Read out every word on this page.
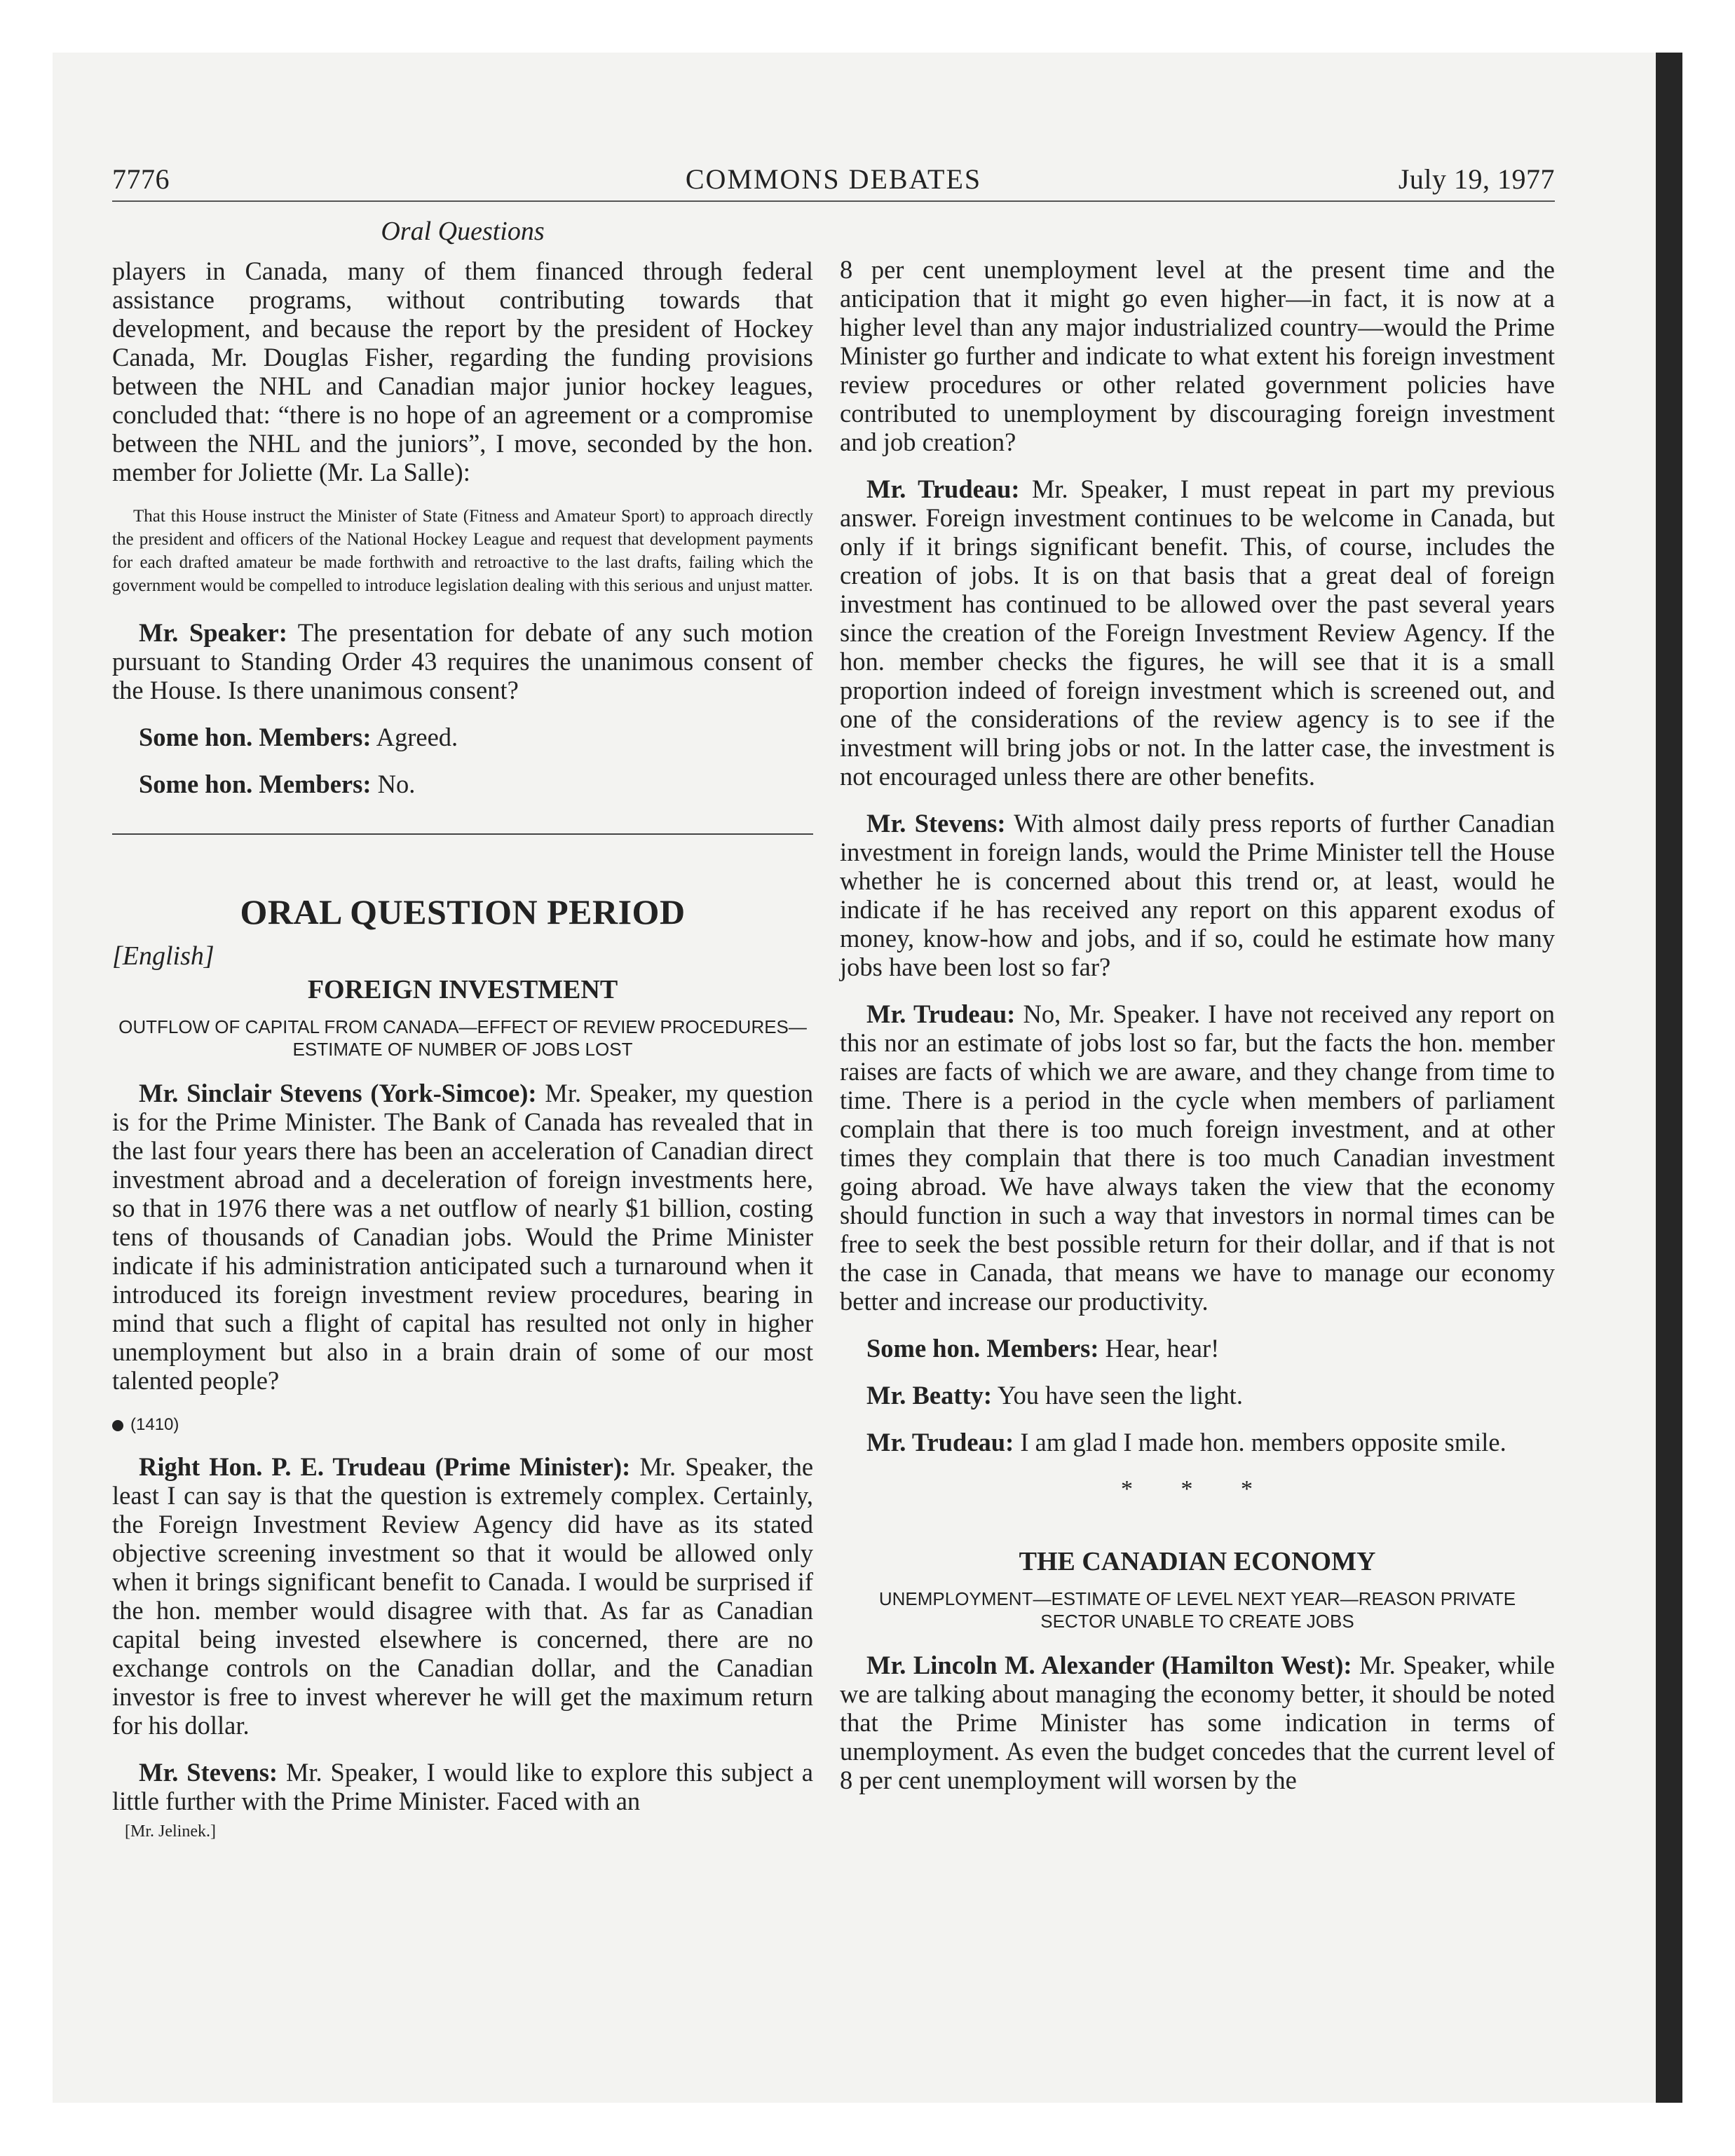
7776	COMMONS DEBATES	July 19, 1977
Oral Questions

players in Canada, many of them financed through federal assistance programs, without contributing towards that development, and because the report by the president of Hockey Canada, Mr. Douglas Fisher, regarding the funding provisions between the NHL and Canadian major junior hockey leagues, concluded that: “there is no hope of an agreement or a compromise between the NHL and the juniors”, I move, seconded by the hon. member for Joliette (Mr. La Salle):

That this House instruct the Minister of State (Fitness and Amateur Sport) to approach directly the president and officers of the National Hockey League and request that development payments for each drafted amateur be made forthwith and retroactive to the last drafts, failing which the government would be compelled to introduce legislation dealing with this serious and unjust matter.

Mr. Speaker: The presentation for debate of any such motion pursuant to Standing Order 43 requires the unanimous consent of the House. Is there unanimous consent?

Some hon. Members: Agreed.

Some hon. Members: No.

ORAL QUESTION PERIOD
[English]
FOREIGN INVESTMENT
OUTFLOW OF CAPITAL FROM CANADA—EFFECT OF REVIEW PROCEDURES—ESTIMATE OF NUMBER OF JOBS LOST

Mr. Sinclair Stevens (York-Simcoe): Mr. Speaker, my question is for the Prime Minister. The Bank of Canada has revealed that in the last four years there has been an acceleration of Canadian direct investment abroad and a deceleration of foreign investments here, so that in 1976 there was a net outflow of nearly $1 billion, costing tens of thousands of Canadian jobs. Would the Prime Minister indicate if his administration anticipated such a turnaround when it introduced its foreign investment review procedures, bearing in mind that such a flight of capital has resulted not only in higher unemployment but also in a brain drain of some of our most talented people?

(1410)

Right Hon. P. E. Trudeau (Prime Minister): Mr. Speaker, the least I can say is that the question is extremely complex. Certainly, the Foreign Investment Review Agency did have as its stated objective screening investment so that it would be allowed only when it brings significant benefit to Canada. I would be surprised if the hon. member would disagree with that. As far as Canadian capital being invested elsewhere is concerned, there are no exchange controls on the Canadian dollar, and the Canadian investor is free to invest wherever he will get the maximum return for his dollar.

Mr. Stevens: Mr. Speaker, I would like to explore this subject a little further with the Prime Minister. Faced with an

[Mr. Jelinek.]

8 per cent unemployment level at the present time and the anticipation that it might go even higher—in fact, it is now at a higher level than any major industrialized country—would the Prime Minister go further and indicate to what extent his foreign investment review procedures or other related government policies have contributed to unemployment by discouraging foreign investment and job creation?

Mr. Trudeau: Mr. Speaker, I must repeat in part my previous answer. Foreign investment continues to be welcome in Canada, but only if it brings significant benefit. This, of course, includes the creation of jobs. It is on that basis that a great deal of foreign investment has continued to be allowed over the past several years since the creation of the Foreign Investment Review Agency. If the hon. member checks the figures, he will see that it is a small proportion indeed of foreign investment which is screened out, and one of the considerations of the review agency is to see if the investment will bring jobs or not. In the latter case, the investment is not encouraged unless there are other benefits.

Mr. Stevens: With almost daily press reports of further Canadian investment in foreign lands, would the Prime Minister tell the House whether he is concerned about this trend or, at least, would he indicate if he has received any report on this apparent exodus of money, know-how and jobs, and if so, could he estimate how many jobs have been lost so far?

Mr. Trudeau: No, Mr. Speaker. I have not received any report on this nor an estimate of jobs lost so far, but the facts the hon. member raises are facts of which we are aware, and they change from time to time. There is a period in the cycle when members of parliament complain that there is too much foreign investment, and at other times they complain that there is too much Canadian investment going abroad. We have always taken the view that the economy should function in such a way that investors in normal times can be free to seek the best possible return for their dollar, and if that is not the case in Canada, that means we have to manage our economy better and increase our productivity.

Some hon. Members: Hear, hear!

Mr. Beatty: You have seen the light.

Mr. Trudeau: I am glad I made hon. members opposite smile.

* * *
THE CANADIAN ECONOMY
UNEMPLOYMENT—ESTIMATE OF LEVEL NEXT YEAR—REASON PRIVATE SECTOR UNABLE TO CREATE JOBS

Mr. Lincoln M. Alexander (Hamilton West): Mr. Speaker, while we are talking about managing the economy better, it should be noted that the Prime Minister has some indication in terms of unemployment. As even the budget concedes that the current level of 8 per cent unemployment will worsen by the
